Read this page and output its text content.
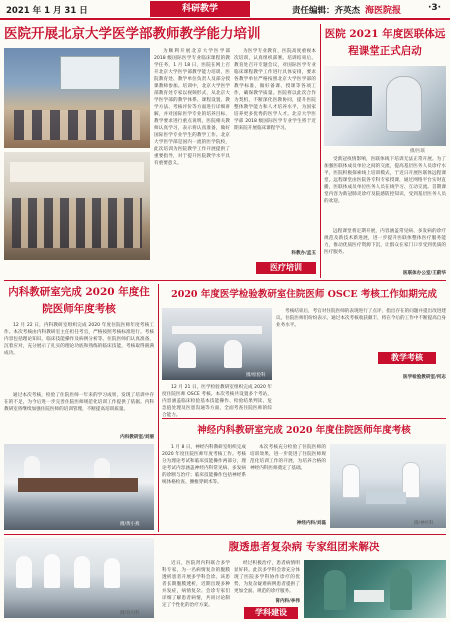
2021 年 1 月 31 日	科研教学	责任编辑：齐英杰 海医院报	·3·
医院开展北京大学医学部教师教学能力培训
为顺利开展北京大学医学部 2018 级国际医学专业临床课程的教学任务，1 月 18 日，医院在网上召开北京大学医学部教学能力培训，医院教育处、教学单位负责人及部分授课教师参加。培训中，北京大学医学部教育处专家以视频形式，从北京大学医学部的教学体系、课程设置、教学方法、考核评价等方面进行详细讲解，并对国际医学专业的培养目标、教学要求进行重点说明。医院相关教师认真学习，表示将认真准备，做好国际医学专业学生的教学工作。北京大学医学部是国内一流的医学院校，此次培训为医院教学工作开展提供了重要指导，对于提升医院教学水平具有重要意义。
为医学专业教育，医院高度重视本次培训，认真组织部署。培训结束后，教育处召开专题会议，对国际医学专业临床课程教学工作进行具体安排，要求各教学单位严格按照北京大学医学部的教学标准，做好备课、授课等各项工作，确保教学质量。医院将以此次合作为契机，不断深化医教协同，提升医院整体教学能力和人才培养水平，为国家培养更多优秀的医学人才。北京大学医学部 2018 级国际医学专业学生将于近期来院开展临床课程学习。
科教办/孟玉
医疗培训
医院 2021 年度医联体远程课堂正式启动
摄/医联
受新冠疫情影响，医联体线下培训无法正常开展。为了加强医联体成员单位之间的交流，提高基层医务人员诊疗水平，医院积极探索线上培训模式，于近日开展医联体远程课堂。远程课堂由医院各专科专家授课，通过网络平台实时直播，医联体成员单位医务人员在线学习、互动交流。首期课堂内容为新冠肺炎诊疗及院感防控知识，受到基层医务人员的欢迎。
远程课堂将定期开展，内容涵盖常见病、多发病的诊疗规范及新技术新进展，进一步提升医联体整体医疗服务能力，推动优质医疗资源下沉，让群众在家门口享受到优质的医疗服务。
医联体办公室/王蔚华
内科教研室完成 2020 年度住院医师年度考核
12 月 22 日，内科教研室组织完成 2020 年度住院医师年度考核工作。本次考核由内科教研室主任担任考官，严格按照考核标准进行。考核内容包括理论知识、临床技能操作及病例分析等。住院医师们认真准备，沉着应对，充分展示了扎实的理论功底和熟练的临床技能，考核取得圆满成功。
通过本次考核，检验了住院医师一年来的学习成果，发现了培训中存在的不足，为今后进一步完善住院医师规范化培训工作提供了依据。内科教研室将继续加强住院医师的培训管理，不断提高培训质量。
内科教研室/刘丽
摄/黄小燕
2020 年度医学检验教研室住院医师 OSCE 考核工作如期完成
摄/检验科
12 月 21 日，医学检验教研室组织完成 2020 年度住院医师 OSCE 考核。本次考核共设置多个考站，内容涵盖临床检验基本技能操作、检验结果判读、危急值处理及医患沟通等方面，全面考查住院医师的综合能力。
考核结束后，考官对住院医师的表现进行了点评，指出存在的问题并提出改进建议。住院医师们纷纷表示，通过本次考核收获颇丰，将在今后的工作中不断提高自身业务水平。
医学检验教研室/何志
教学考核
神经内科教研室完成 2020 年度住院医师年度考核
1 月 8 日，神经内科教研室组织完成 2020 年度住院医师年度考核工作。考核分为理论考试和临床技能操作两部分，理论考试内容涵盖神经内科常见病、多发病的诊断与治疗；临床技能操作包括神经系统体格检查、腰椎穿刺术等。
本次考核充分检验了住院医师的培训效果，进一步促进了住院医师规范化培训工作的开展，为培养合格的神经内科医师奠定了基础。
神经内科/刘磊	摄/神经科
腹透患者复杂病 专家组团来解决
摄/肾内科
近日，医院肾内科联合多学科专家，为一名病情复杂的腹膜透析患者开展多学科会诊。该患者长期腹膜透析，近期出现多种并发症，病情复杂。会诊专家们详细了解患者病情，共同讨论制定了个性化的治疗方案。
经过积极治疗，患者病情明显好转。此次多学科会诊充分体现了医院多学科协作诊疗的优势，为复杂疑难病例患者提供了更加全面、规范的诊疗服务。
肾内科/李伟
学科建设
